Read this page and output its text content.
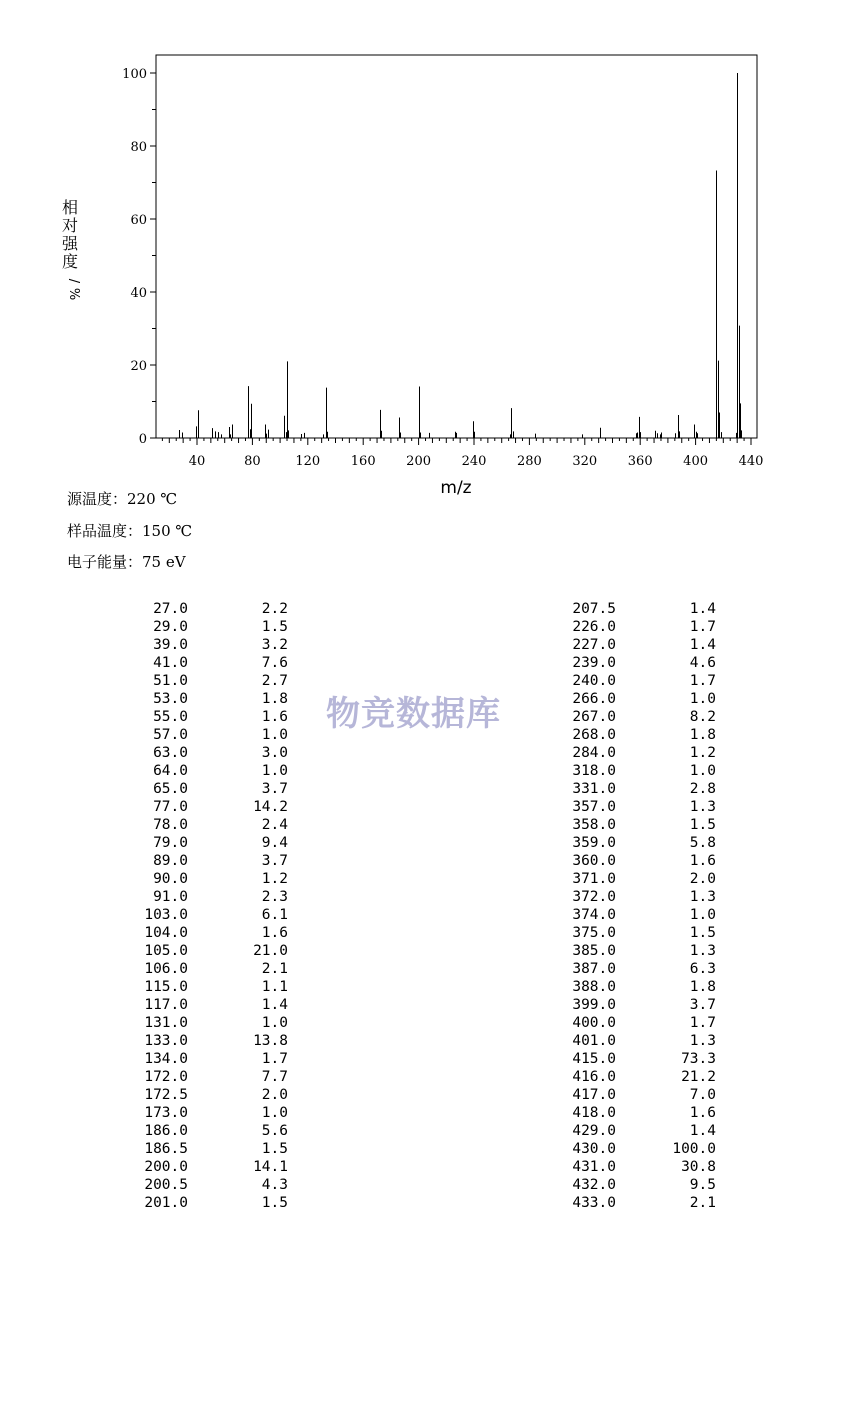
0
20
40
60
80
100
40	80	120 160 200 240 280 320 360 400 440
m/z
相
对
强
度
/
%
源温度：220 ℃
样品温度：150 ℃
电子能量：75 eV
物竞数据库
27.0	2.2
29.0	1.5
39.0	3.2
41.0	7.6
51.0	2.7
53.0	1.8
55.0	1.6
57.0	1.0
63.0	3.0
64.0	1.0
65.0	3.7
77.0	14.2
78.0	2.4
79.0	9.4
89.0	3.7
90.0	1.2
91.0	2.3
103.0	6.1
104.0	1.6
105.0	21.0
106.0	2.1
115.0	1.1
117.0	1.4
131.0	1.0
133.0	13.8
134.0	1.7
172.0	7.7
172.5	2.0
173.0	1.0
186.0	5.6
186.5	1.5
200.0	14.1
200.5	4.3
201.0	1.5
207.5	1.4
226.0	1.7
227.0	1.4
239.0	4.6
240.0	1.7
266.0	1.0
267.0	8.2
268.0	1.8
284.0	1.2
318.0	1.0
331.0	2.8
357.0	1.3
358.0	1.5
359.0	5.8
360.0	1.6
371.0	2.0
372.0	1.3
374.0	1.0
375.0	1.5
385.0	1.3
387.0	6.3
388.0	1.8
399.0	3.7
400.0	1.7
401.0	1.3
415.0	73.3
416.0	21.2
417.0	7.0
418.0	1.6
429.0	1.4
430.0	100.0
431.0	30.8
432.0	9.5
433.0	2.1
